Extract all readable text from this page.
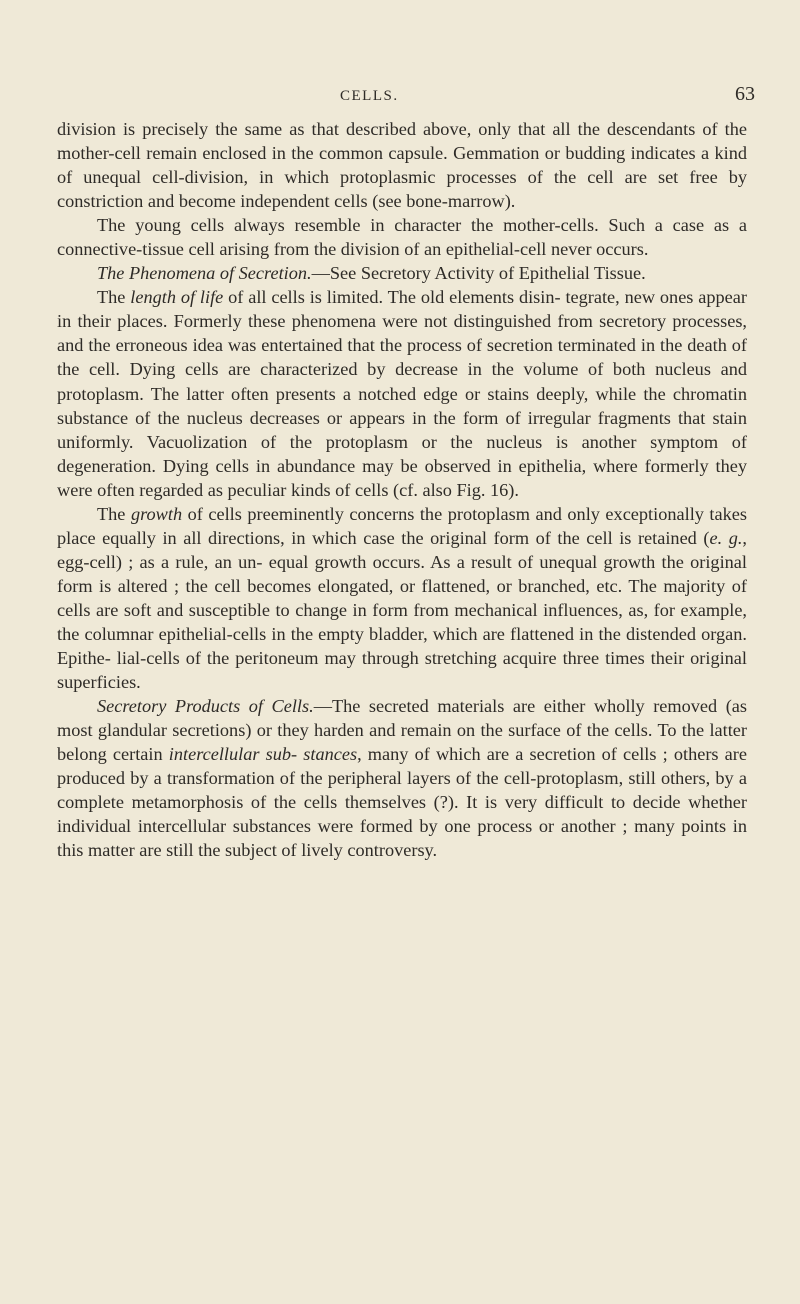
CELLS.	63

division is precisely the same as that described above, only that all the descendants of the mother-cell remain enclosed in the common capsule. Gemmation or budding indicates a kind of unequal cell-division, in which protoplasmic processes of the cell are set free by constriction and become independent cells (see bone-marrow).

The young cells always resemble in character the mother-cells. Such a case as a connective-tissue cell arising from the division of an epithelial-cell never occurs.

The Phenomena of Secretion.—See Secretory Activity of Epithelial Tissue.

The length of life of all cells is limited. The old elements disin- tegrate, new ones appear in their places. Formerly these phenomena were not distinguished from secretory processes, and the erroneous idea was entertained that the process of secretion terminated in the death of the cell. Dying cells are characterized by decrease in the volume of both nucleus and protoplasm. The latter often presents a notched edge or stains deeply, while the chromatin substance of the nucleus decreases or appears in the form of irregular fragments that stain uniformly. Vacuolization of the protoplasm or the nucleus is another symptom of degeneration. Dying cells in abundance may be observed in epithelia, where formerly they were often regarded as peculiar kinds of cells (cf. also Fig. 16).

The growth of cells preeminently concerns the protoplasm and only exceptionally takes place equally in all directions, in which case the original form of the cell is retained (e. g., egg-cell) ; as a rule, an un- equal growth occurs. As a result of unequal growth the original form is altered ; the cell becomes elongated, or flattened, or branched, etc. The majority of cells are soft and susceptible to change in form from mechanical influences, as, for example, the columnar epithelial-cells in the empty bladder, which are flattened in the distended organ. Epithe- lial-cells of the peritoneum may through stretching acquire three times their original superficies.

Secretory Products of Cells.—The secreted materials are either wholly removed (as most glandular secretions) or they harden and remain on the surface of the cells. To the latter belong certain intercellular sub- stances, many of which are a secretion of cells ; others are produced by a transformation of the peripheral layers of the cell-protoplasm, still others, by a complete metamorphosis of the cells themselves (?). It is very difficult to decide whether individual intercellular substances were formed by one process or another ; many points in this matter are still the subject of lively controversy.
